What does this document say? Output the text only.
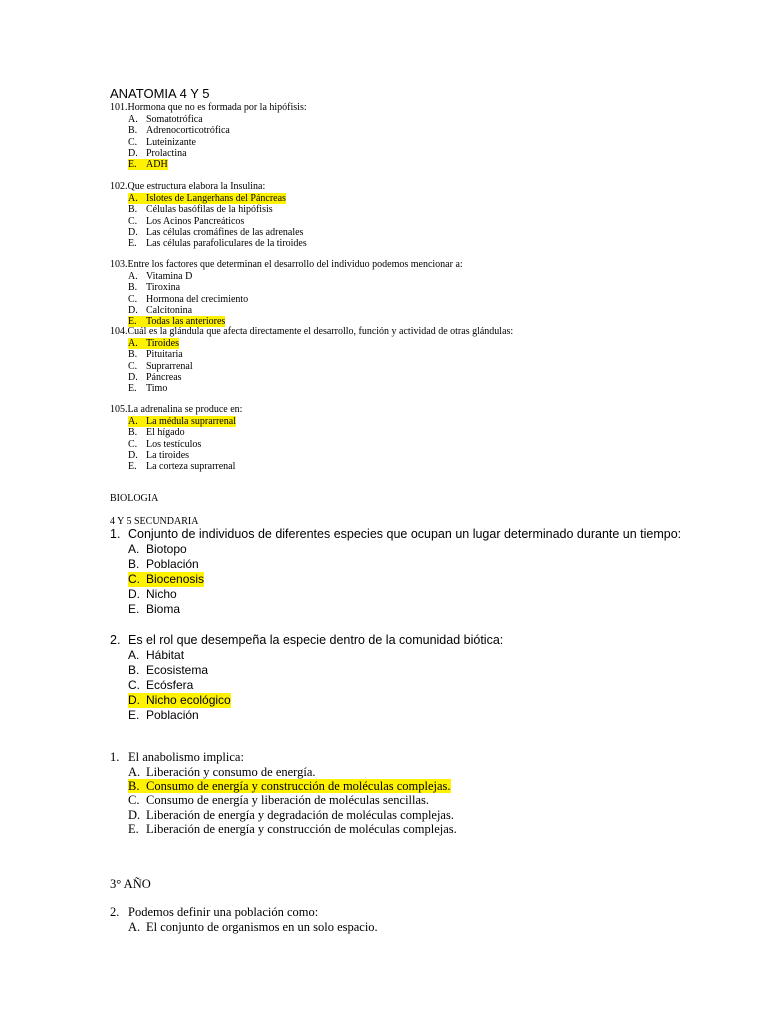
ANATOMIA 4 Y 5
101.Hormona que no es formada por la hipófisis:
A. Somatotrófica
B. Adrenocorticotrófica
C. Luteinizante
D. Prolactina
E. ADH
102.Que estructura elabora la Insulina:
A. Islotes de Langerhans del Páncreas
B. Células basófilas de la hipófisis
C. Los Acinos Pancreáticos
D. Las células cromáfines de las adrenales
E. Las células parafoliculares de la tiroides
103.Entre los factores que determinan el desarrollo del individuo podemos mencionar a:
A. Vitamina D
B. Tiroxina
C. Hormona del crecimiento
D. Calcitonina
E. Todas las anteriores
104.Cuál es la glándula que afecta directamente el desarrollo, función y actividad de otras glándulas:
A. Tiroides
B. Pituitaria
C. Suprarrenal
D. Páncreas
E. Timo
105.La adrenalina se produce en:
A. La médula suprarrenal
B. El hígado
C. Los testículos
D. La tiroides
E. La corteza suprarrenal
BIOLOGIA
4 Y 5 SECUNDARIA
1. Conjunto de individuos de diferentes especies que ocupan un lugar determinado durante un tiempo:
A. Biotopo
B. Población
C. Biocenosis
D. Nicho
E. Bioma
2. Es el rol que desempeña la especie dentro de la comunidad biótica:
A. Hábitat
B. Ecosistema
C. Ecósfera
D. Nicho ecológico
E. Población
1. El anabolismo implica:
A. Liberación y consumo de energía.
B. Consumo de energía y construcción de moléculas complejas.
C. Consumo de energía y liberación de moléculas sencillas.
D. Liberación de energía y degradación de moléculas complejas.
E. Liberación de energía y construcción de moléculas complejas.
3° AÑO
2. Podemos definir una población como:
A. El conjunto de organismos en un solo espacio.
